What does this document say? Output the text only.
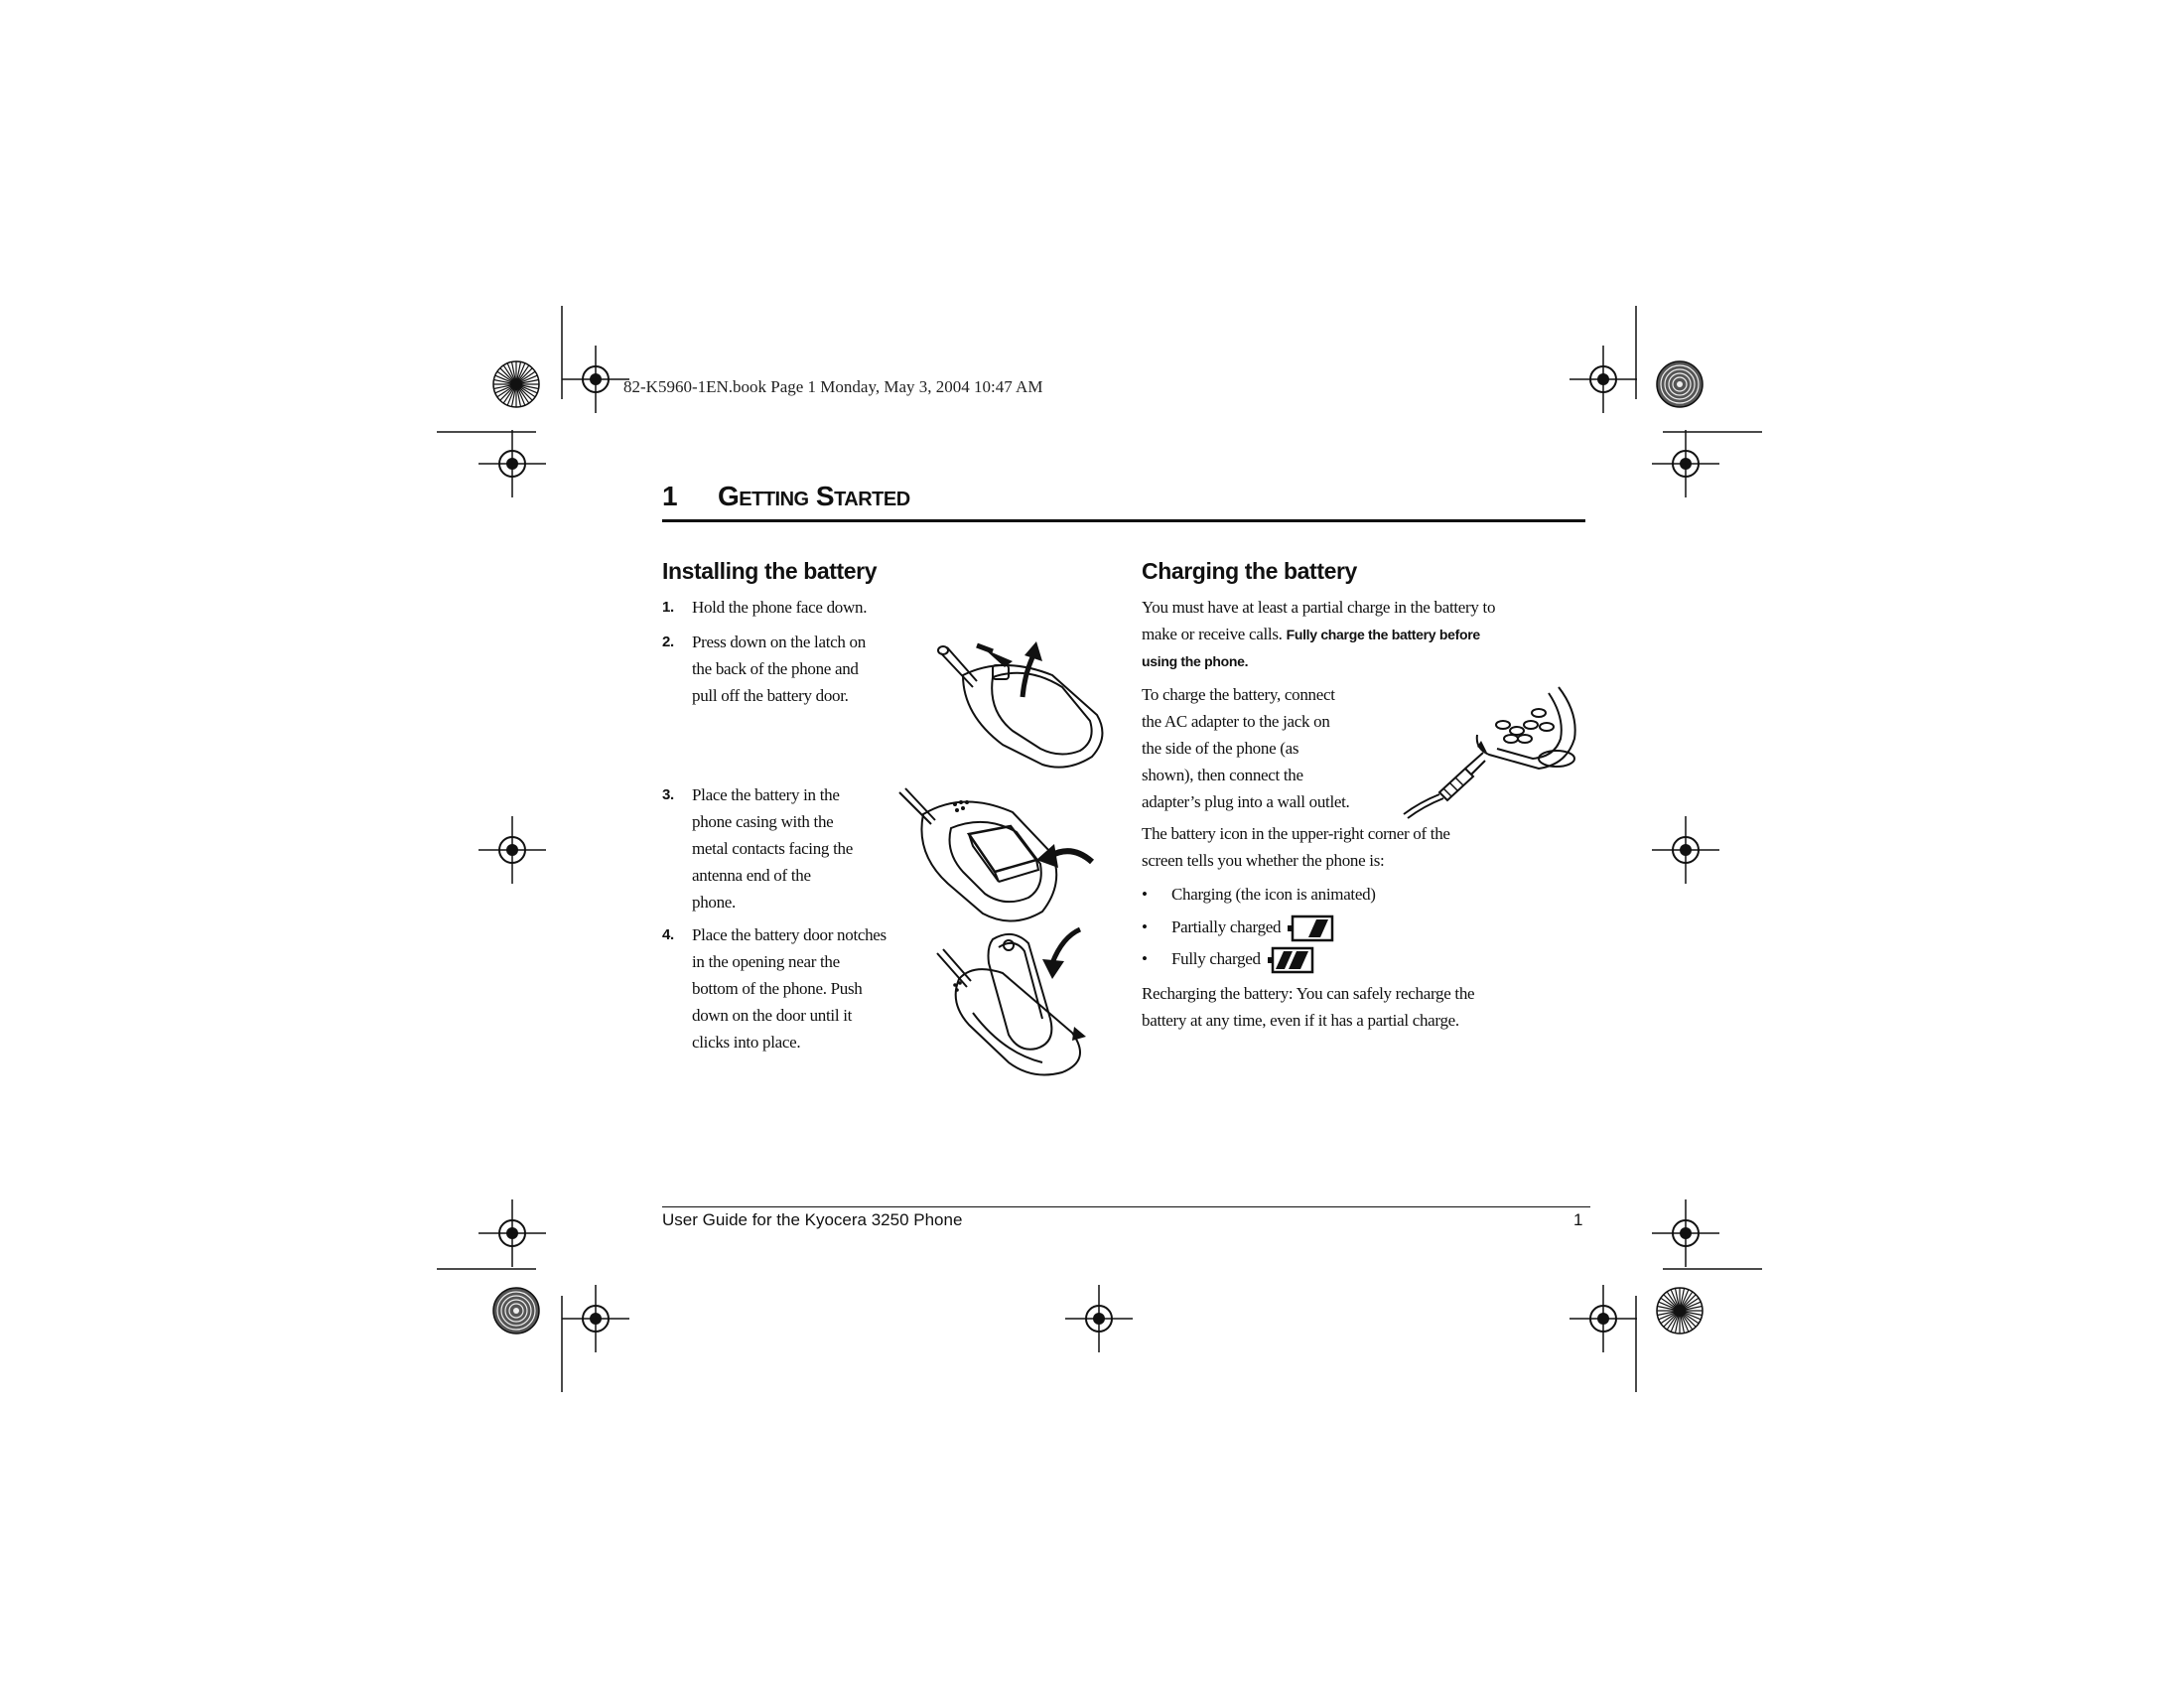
82-K5960-1EN.book Page 1 Monday, May 3, 2004 10:47 AM
1 Getting Started
Installing the battery
1. Hold the phone face down.
2. Press down on the latch on
the back of the phone and
pull off the battery door.
3. Place the battery in the
phone casing with the
metal contacts facing the
antenna end of the
phone.
4. Place the battery door notches
in the opening near the
bottom of the phone. Push
down on the door until it
clicks into place.
Charging the battery
You must have at least a partial charge in the battery to
make or receive calls. Fully charge the battery before
using the phone.
To charge the battery, connect
the AC adapter to the jack on
the side of the phone (as
shown), then connect the
adapter’s plug into a wall outlet.
The battery icon in the upper-right corner of the
screen tells you whether the phone is:
• Charging (the icon is animated)
• Partially charged
• Fully charged
Recharging the battery: You can safely recharge the
battery at any time, even if it has a partial charge.
User Guide for the Kyocera 3250 Phone	1
